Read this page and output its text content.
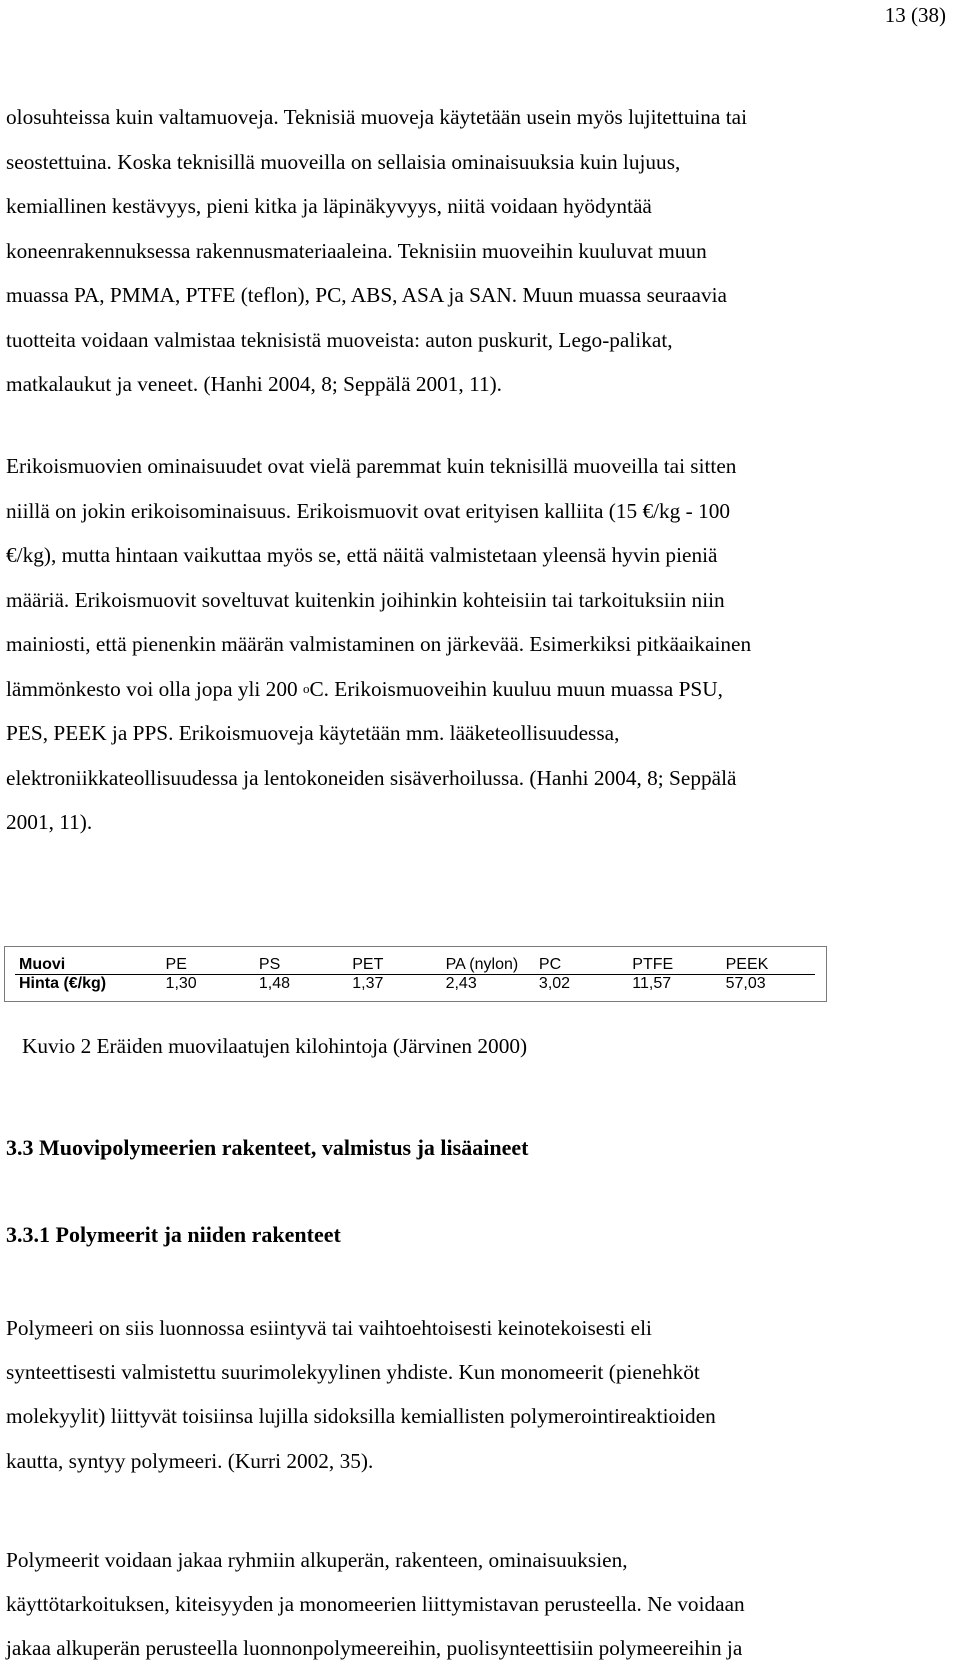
13 (38)
olosuhteissa kuin valtamuoveja. Teknisiä muoveja käytetään usein myös lujitettuina tai
seostettuina. Koska teknisillä muoveilla on sellaisia ominaisuuksia kuin lujuus,
kemiallinen kestävyys, pieni kitka ja läpinäkyvyys, niitä voidaan hyödyntää
koneenrakennuksessa rakennusmateriaaleina. Teknisiin muoveihin kuuluvat muun
muassa PA, PMMA, PTFE (teflon), PC, ABS, ASA ja SAN. Muun muassa seuraavia
tuotteita voidaan valmistaa teknisistä muoveista: auton puskurit, Lego-palikat,
matkalaukut ja veneet. (Hanhi 2004, 8; Seppälä 2001, 11).
Erikoismuovien ominaisuudet ovat vielä paremmat kuin teknisillä muoveilla tai sitten
niillä on jokin erikoisominaisuus. Erikoismuovit ovat erityisen kalliita (15 €/kg - 100
€/kg), mutta hintaan vaikuttaa myös se, että näitä valmistetaan yleensä hyvin pieniä
määriä. Erikoismuovit soveltuvat kuitenkin joihinkin kohteisiin tai tarkoituksiin niin
mainiosti, että pienenkin määrän valmistaminen on järkevää. Esimerkiksi pitkäaikainen
lämmönkesto voi olla jopa yli 200 $^o$C. Erikoismuoveihin kuuluu muun muassa PSU,
PES, PEEK ja PPS. Erikoismuoveja käytetään mm. lääketeollisuudessa,
elektroniikkateollisuudessa ja lentokoneiden sisäverhoilussa. (Hanhi 2004, 8; Seppälä
2001, 11).
Muovi	PE	PS	PET	PA (nylon)	PC	PTFE	PEEK
Hinta (€/kg)	1,30	1,48	1,37	2,43	3,02	11,57	57,03
Kuvio 2 Eräiden muovilaatujen kilohintoja (Järvinen 2000)
3.3 Muovipolymeerien rakenteet, valmistus ja lisäaineet
3.3.1 Polymeerit ja niiden rakenteet
Polymeeri on siis luonnossa esiintyvä tai vaihtoehtoisesti keinotekoisesti eli
synteettisesti valmistettu suurimolekyylinen yhdiste. Kun monomeerit (pienehköt
molekyylit) liittyvät toisiinsa lujilla sidoksilla kemiallisten polymerointireaktioiden
kautta, syntyy polymeeri. (Kurri 2002, 35).
Polymeerit voidaan jakaa ryhmiin alkuperän, rakenteen, ominaisuuksien,
käyttötarkoituksen, kiteisyyden ja monomeerien liittymistavan perusteella. Ne voidaan
jakaa alkuperän perusteella luonnonpolymeereihin, puolisynteettisiin polymeereihin ja
